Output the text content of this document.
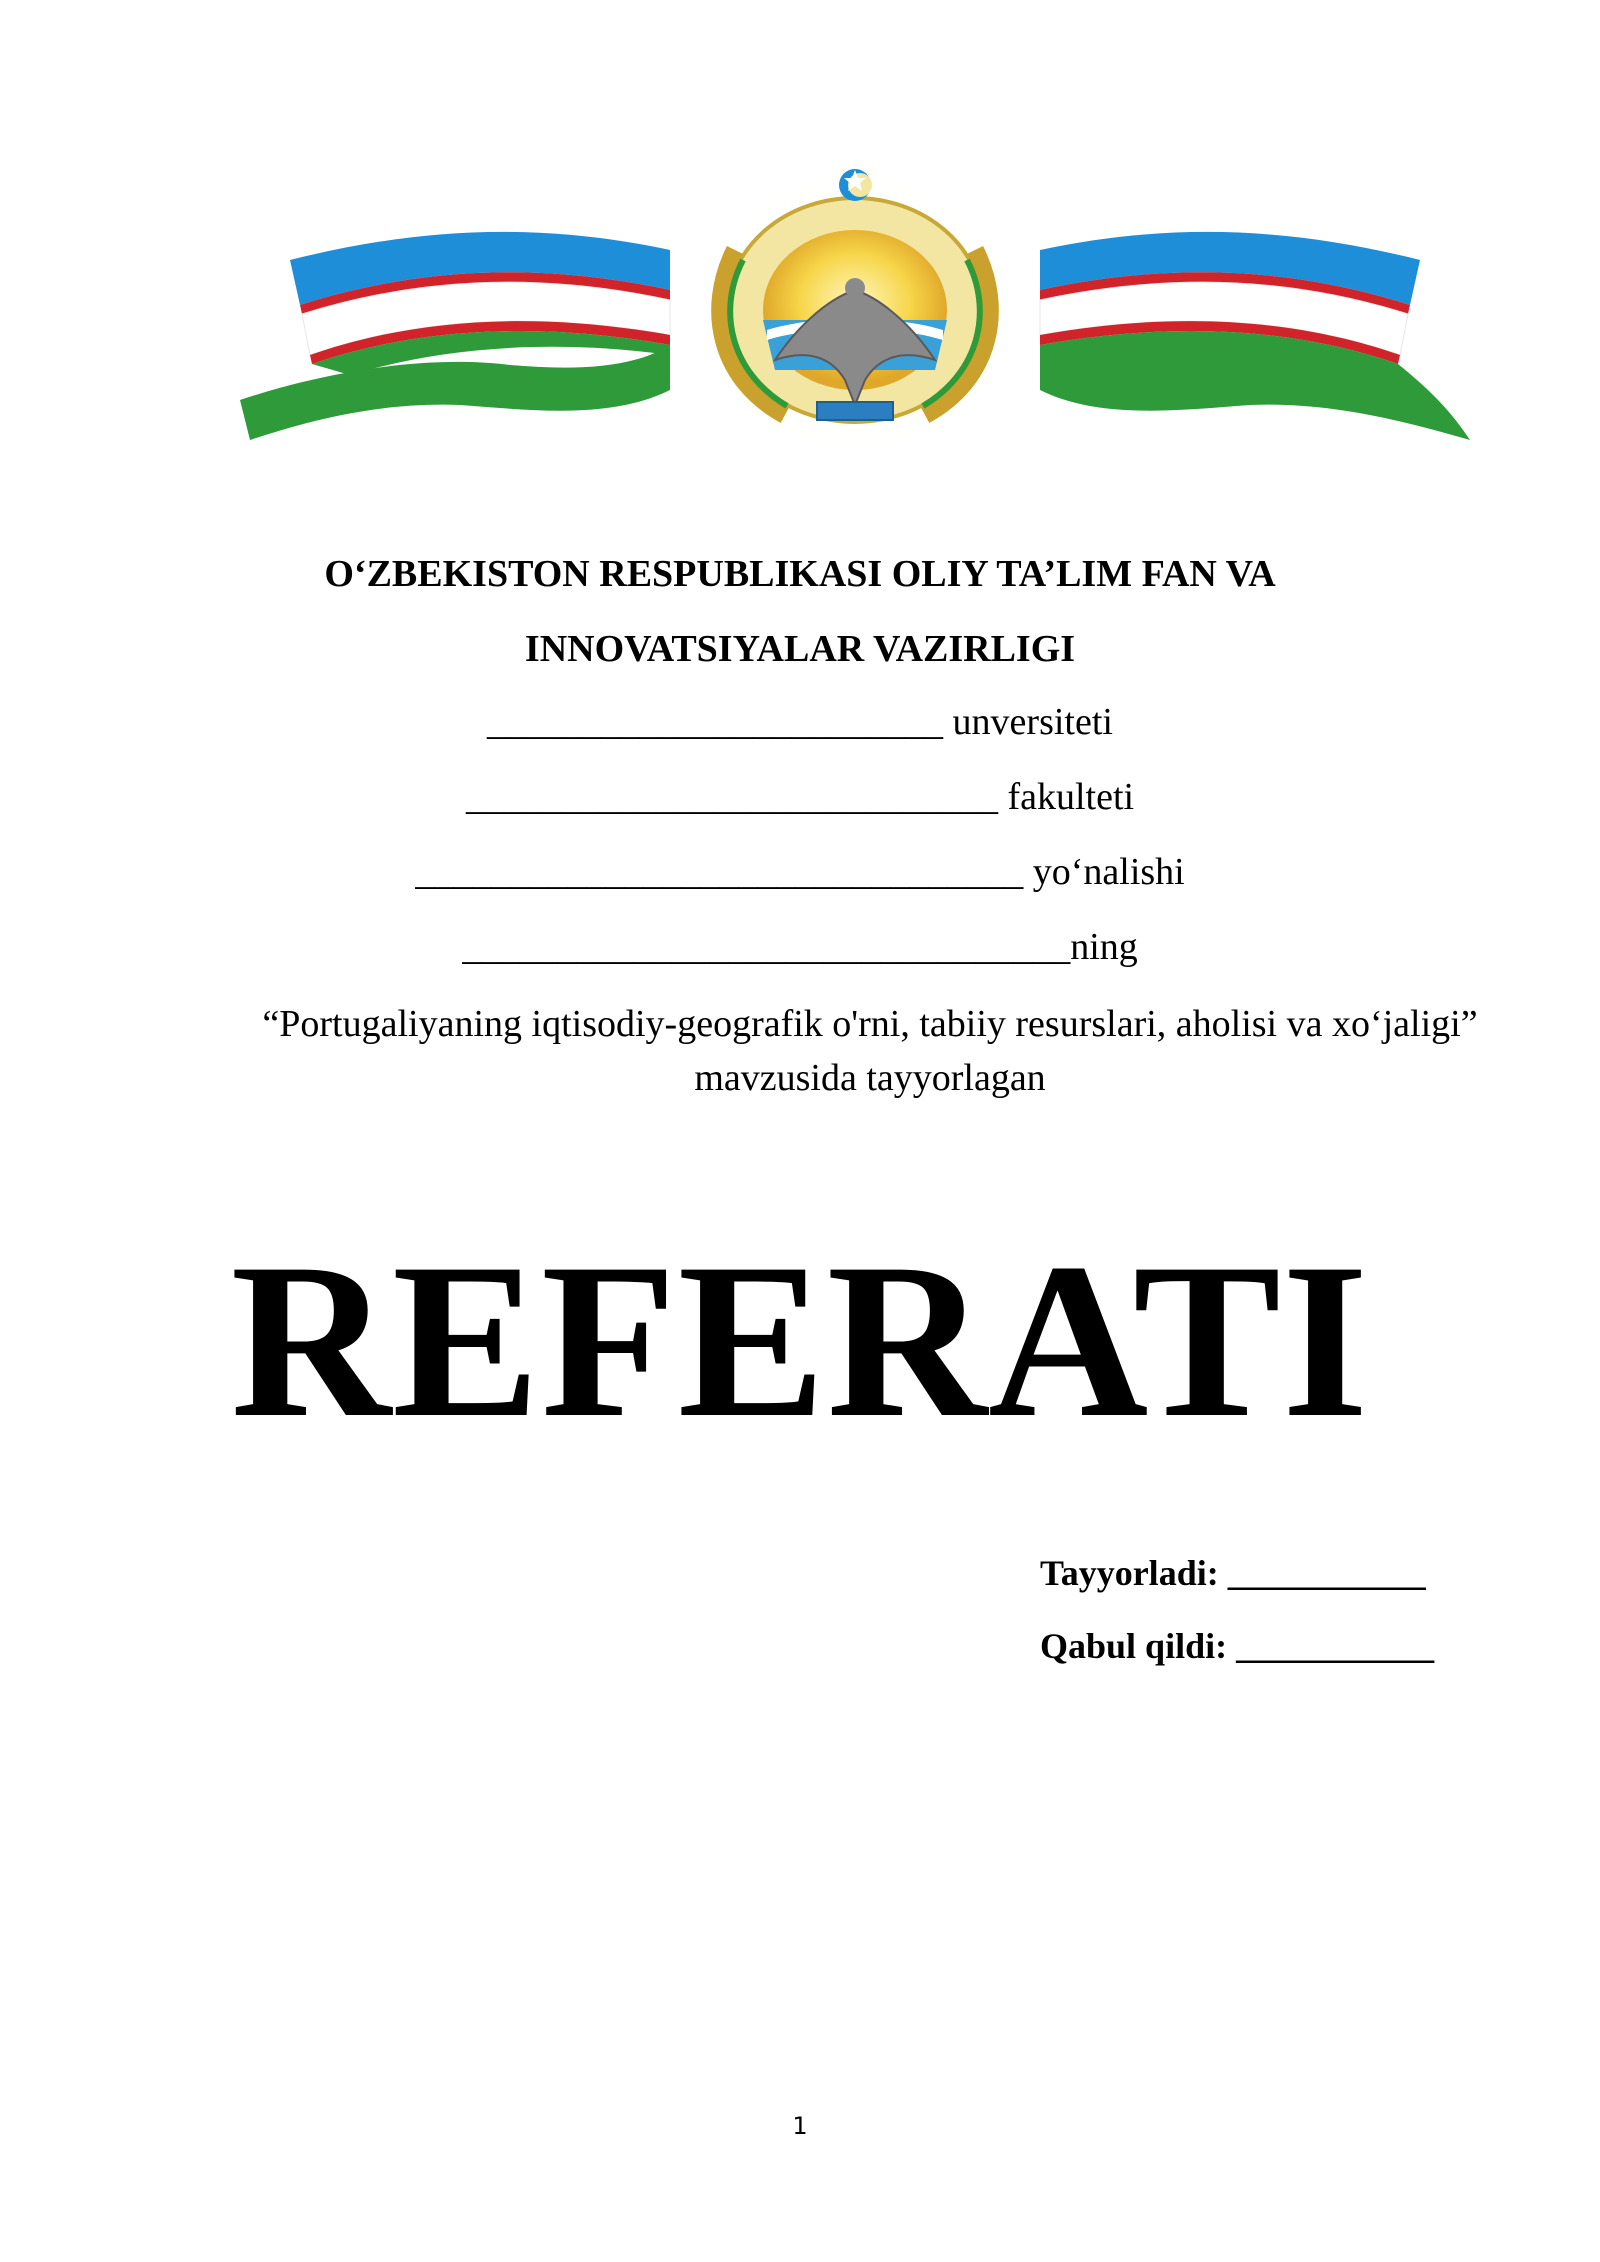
O‘ZBEKISTON RESPUBLIKASI OLIY TA’LIM FAN VA
INNOVATSIYALAR VAZIRLIGI
________________________ unversiteti
____________________________ fakulteti
________________________________ yo‘nalishi
________________________________ning
“Portugaliyaning iqtisodiy-geografik o'rni, tabiiy resurslari, aholisi va xo‘jaligi” mavzusida tayyorlagan
REFERATI
Tayyorladi: ___________
Qabul qildi: ___________
1
